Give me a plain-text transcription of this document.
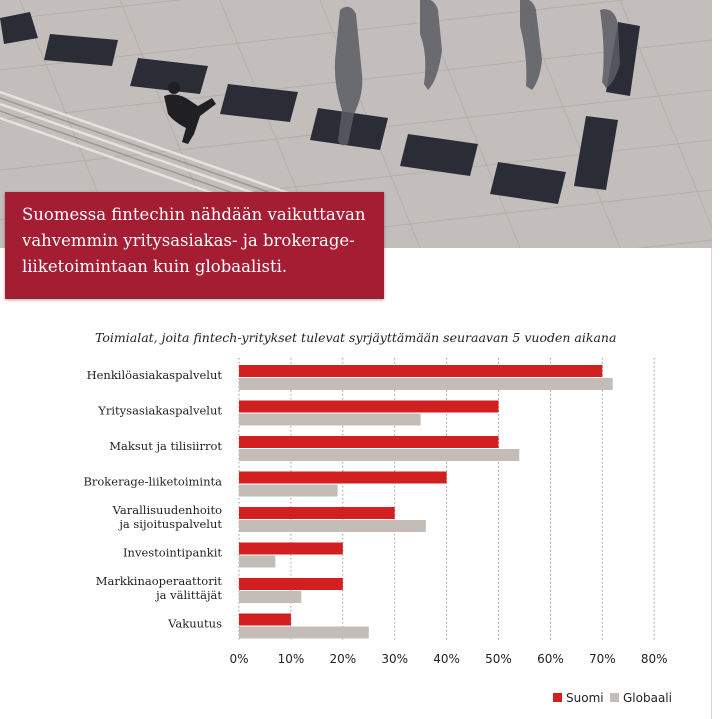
Suomessa fintechin nähdään vaikuttavan
vahvemmin yritysasiakas- ja brokerage-
liiketoimintaan kuin globaalisti.
Toimialat, joita fintech-yritykset tulevat syrjäyttämään seuraavan 5 vuoden aikana
Henkilöasiakaspalvelut
Yritysasiakaspalvelut
Maksut ja tilisiirrot
Brokerage-liiketoiminta
Varallisuudenhoito
ja sijoituspalvelut
Investointipankit
Markkinaoperaattorit
ja välittäjät
Vakuutus
0% 10% 20% 30% 40% 50% 60% 70% 80%
Suomi Globaali
